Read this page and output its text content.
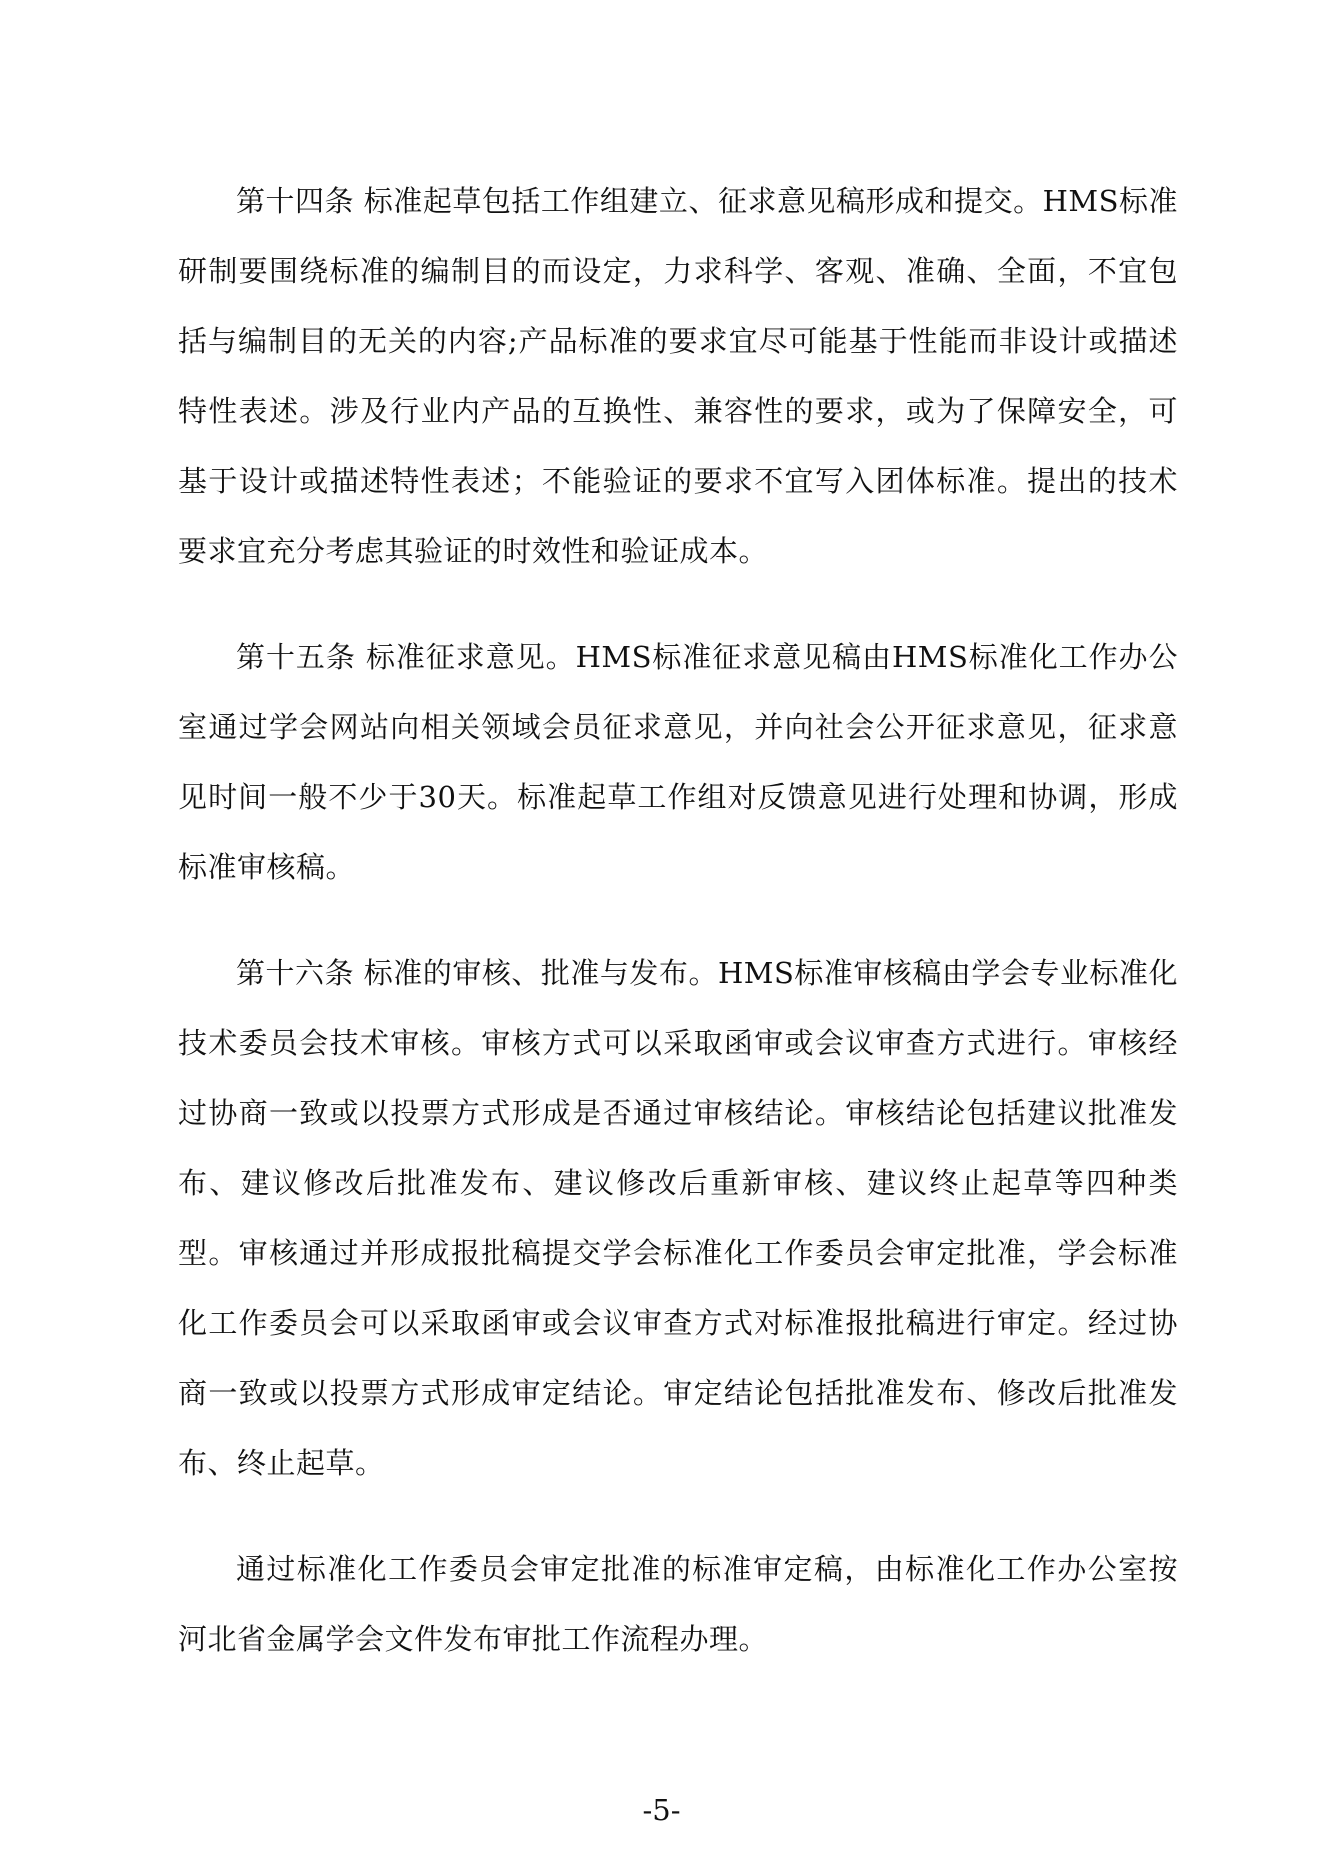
第十四条 标准起草包括工作组建立、征求意见稿形成和提交。HMS标准研制要围绕标准的编制目的而设定，力求科学、客观、准确、全面，不宜包括与编制目的无关的内容;产品标准的要求宜尽可能基于性能而非设计或描述特性表述。涉及行业内产品的互换性、兼容性的要求，或为了保障安全，可基于设计或描述特性表述；不能验证的要求不宜写入团体标准。提出的技术要求宜充分考虑其验证的时效性和验证成本。

第十五条 标准征求意见。HMS标准征求意见稿由HMS标准化工作办公室通过学会网站向相关领域会员征求意见，并向社会公开征求意见，征求意见时间一般不少于30天。标准起草工作组对反馈意见进行处理和协调，形成标准审核稿。

第十六条 标准的审核、批准与发布。HMS标准审核稿由学会专业标准化技术委员会技术审核。审核方式可以采取函审或会议审查方式进行。审核经过协商一致或以投票方式形成是否通过审核结论。审核结论包括建议批准发布、建议修改后批准发布、建议修改后重新审核、建议终止起草等四种类型。审核通过并形成报批稿提交学会标准化工作委员会审定批准，学会标准化工作委员会可以采取函审或会议审查方式对标准报批稿进行审定。经过协商一致或以投票方式形成审定结论。审定结论包括批准发布、修改后批准发布、终止起草。

通过标准化工作委员会审定批准的标准审定稿，由标准化工作办公室按河北省金属学会文件发布审批工作流程办理。

-5-
